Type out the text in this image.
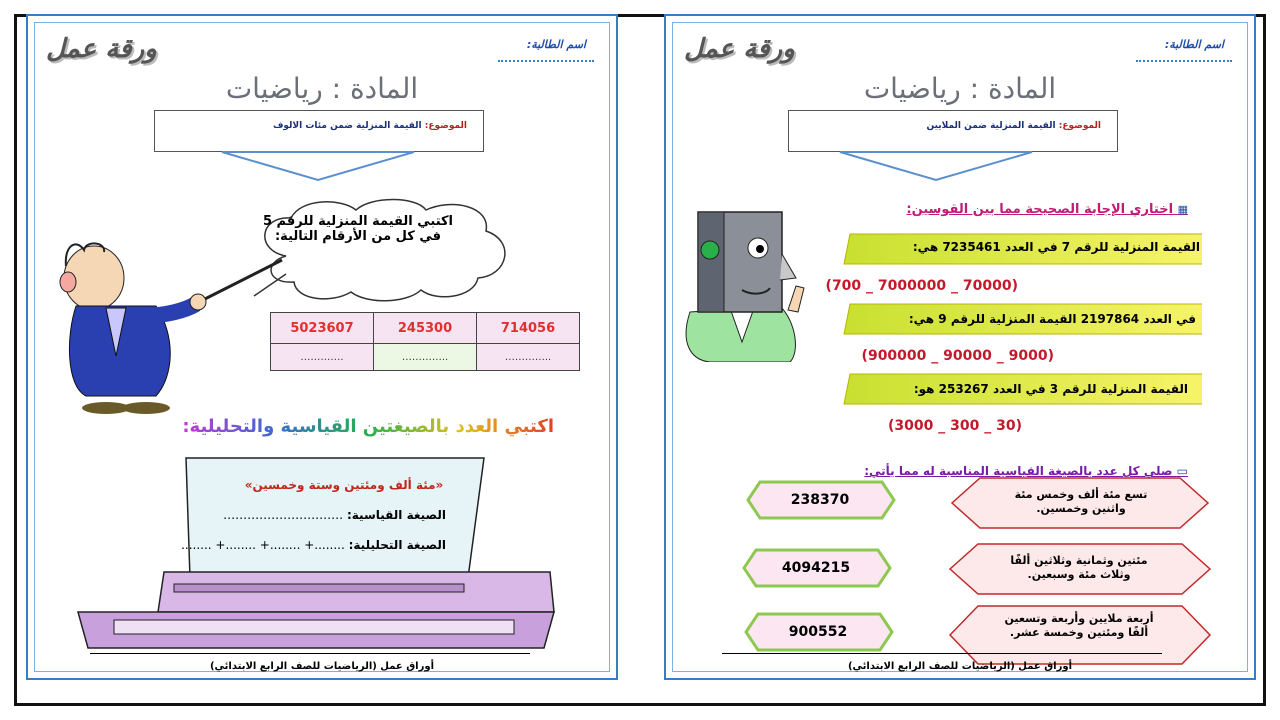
اسم الطالبة:
ورقة عمل
المادة : رياضيات
الموضوع: القيمة المنزلية ضمن مئات الالوف
اكتبي القيمة المنزلية للرقم 5 في كل من الأرقام التالية:
5023607	245300	714056
………….	…………..	…………..
اكتبي العدد بالصيغتين القياسية والتحليلية:
«مئة ألف ومئتين وستة وخمسين»
الصيغة القياسية: …………………………
الصيغة التحليلية: ........+ ........+ ........+ ........
أوراق عمل (الرياضيات للصف الرابع الابتدائي)
اسم الطالبة:
ورقة عمل
المادة : رياضيات
الموضوع: القيمة المنزلية ضمن الملايين
▦ اختاري الإجابة الصحيحة مما بين القوسين:
القيمة المنزلية للرقم 7 في العدد 7235461 هي:
(70000 _ 7000000 _ 700)
في العدد 2197864 القيمة المنزلية للرقم 9 هي:
(9000 _ 90000 _ 900000)
القيمة المنزلية للرقم 3 في العدد 253267 هو:
(30 _ 300 _ 3000)
▭ صلي كل عدد بالصيغة القياسية المناسبة له مما يأتي:
238370
4094215
900552
تسع مئة ألف وخمس مئة واثنين وخمسين.
مئتين وثمانية وثلاثين ألفًا وثلاث مئة وسبعين.
أربعة ملايين وأربعة وتسعين ألفًا ومئتين وخمسة عشر.
أوراق عمل (الرياضيات للصف الرابع الابتدائي)
